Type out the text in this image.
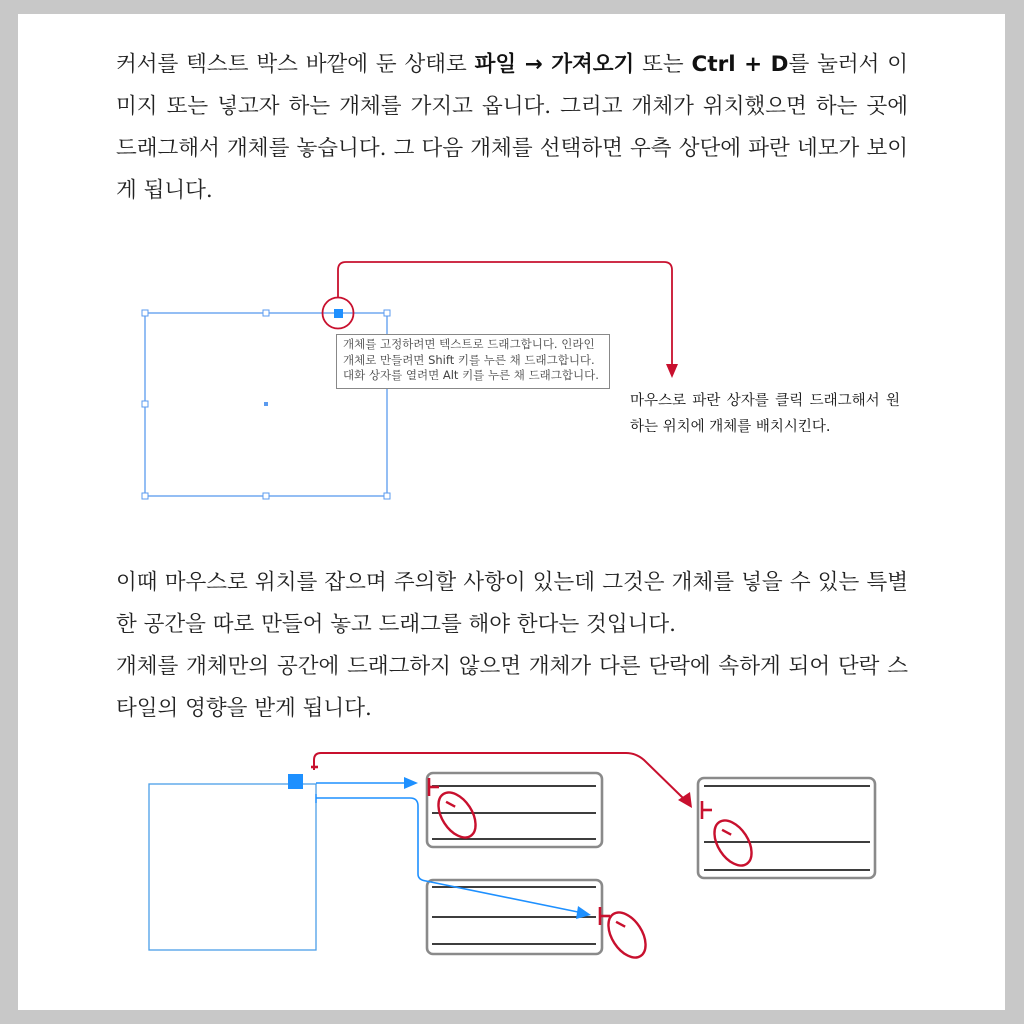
커서를 텍스트 박스 바깥에 둔 상태로 파일 → 가져오기 또는 Ctrl + D를 눌러서 이미지 또는 넣고자 하는 개체를 가지고 옵니다. 그리고 개체가 위치했으면 하는 곳에 드래그해서 개체를 놓습니다. 그 다음 개체를 선택하면 우측 상단에 파란 네모가 보이게 됩니다.

개체를 고정하려면 텍스트로 드래그합니다. 인라인 개체로 만들려면 Shift 키를 누른 채 드래그합니다. 대화 상자를 열려면 Alt 키를 누른 채 드래그합니다.
마우스로 파란 상자를 클릭 드래그해서 원하는 위치에 개체를 배치시킨다.

이때 마우스로 위치를 잡으며 주의할 사항이 있는데 그것은 개체를 넣을 수 있는 특별한 공간을 따로 만들어 놓고 드래그를 해야 한다는 것입니다.

개체를 개체만의 공간에 드래그하지 않으면 개체가 다른 단락에 속하게 되어 단락 스타일의 영향을 받게 됩니다.
